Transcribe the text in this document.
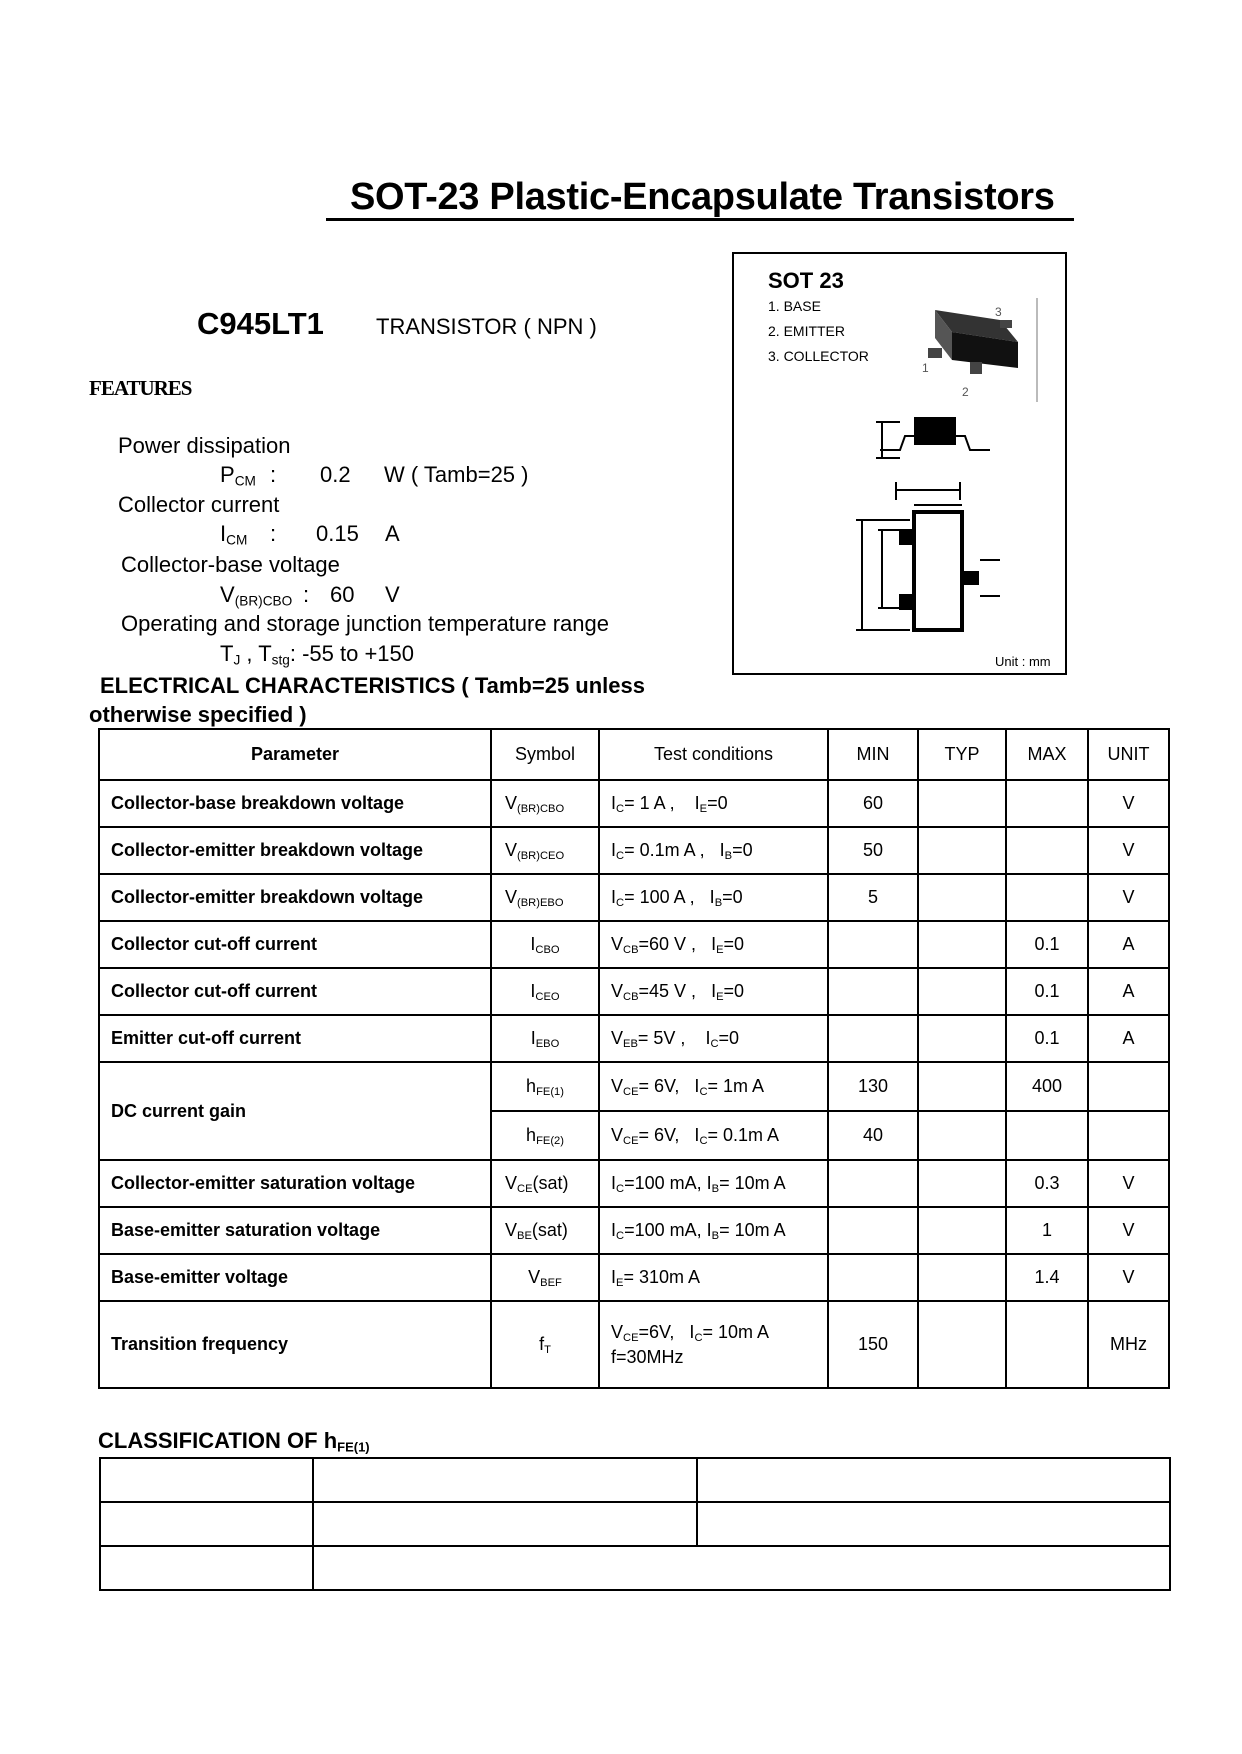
SOT-23 Plastic-Encapsulate Transistors
C945LT1 TRANSISTOR ( NPN )
FEATURES
Power dissipation
$P_{CM}$ : 0.2 W ( Tamb=25 )
Collector current
$I_{CM}$ : 0.15 A
Collector-base voltage
$V_{(BR)CBO}$ : 60 V
Operating and storage junction temperature range
$T_J$ , $T_{stg}$: -55 to +150
SOT 23
1. BASE
2. EMITTER
3. COLLECTOR
3
1
2
Unit : mm
ELECTRICAL CHARACTERISTICS ( Tamb=25 unless
otherwise specified )
Parameter	Symbol	Test conditions	MIN	TYP	MAX	UNIT
Collector-base breakdown voltage	$V_{(BR)CBO}$	$I_C= 1$ A , $I_E=0$	60			V
Collector-emitter breakdown voltage	$V_{(BR)CEO}$	$I_C= 0.1m$ A , $I_B=0$	50			V
Collector-emitter breakdown voltage	$V_{(BR)EBO}$	$I_C= 100$ A , $I_B=0$	5			V
Collector cut-off current	$I_{CBO}$	$V_{CB}=60$ V , $I_E=0$			0.1	A
Collector cut-off current	$I_{CEO}$	$V_{CB}=45$ V , $I_E=0$			0.1	A
Emitter cut-off current	$I_{EBO}$	$V_{EB}= 5V$ , $I_C=0$			0.1	A
DC current gain	$h_{FE(1)}$	$V_{CE}= 6V$, $I_C= 1m$ A	130		400	
	$h_{FE(2)}$	$V_{CE}= 6V$, $I_C= 0.1m$ A	40			
Collector-emitter saturation voltage	$V_{CE}(sat)$	$I_C=100$ mA, $I_B= 10m$ A			0.3	V
Base-emitter saturation voltage	$V_{BE}(sat)$	$I_C=100$ mA, $I_B= 10m$ A			1	V
Base-emitter voltage	$V_{BEF}$	$I_E= 310m$ A			1.4	V
Transition frequency	$f_T$	$V_{CE}=6V$, $I_C= 10m$ A
f=30MHz	150			MHz
CLASSIFICATION OF $h_{FE(1)}$
